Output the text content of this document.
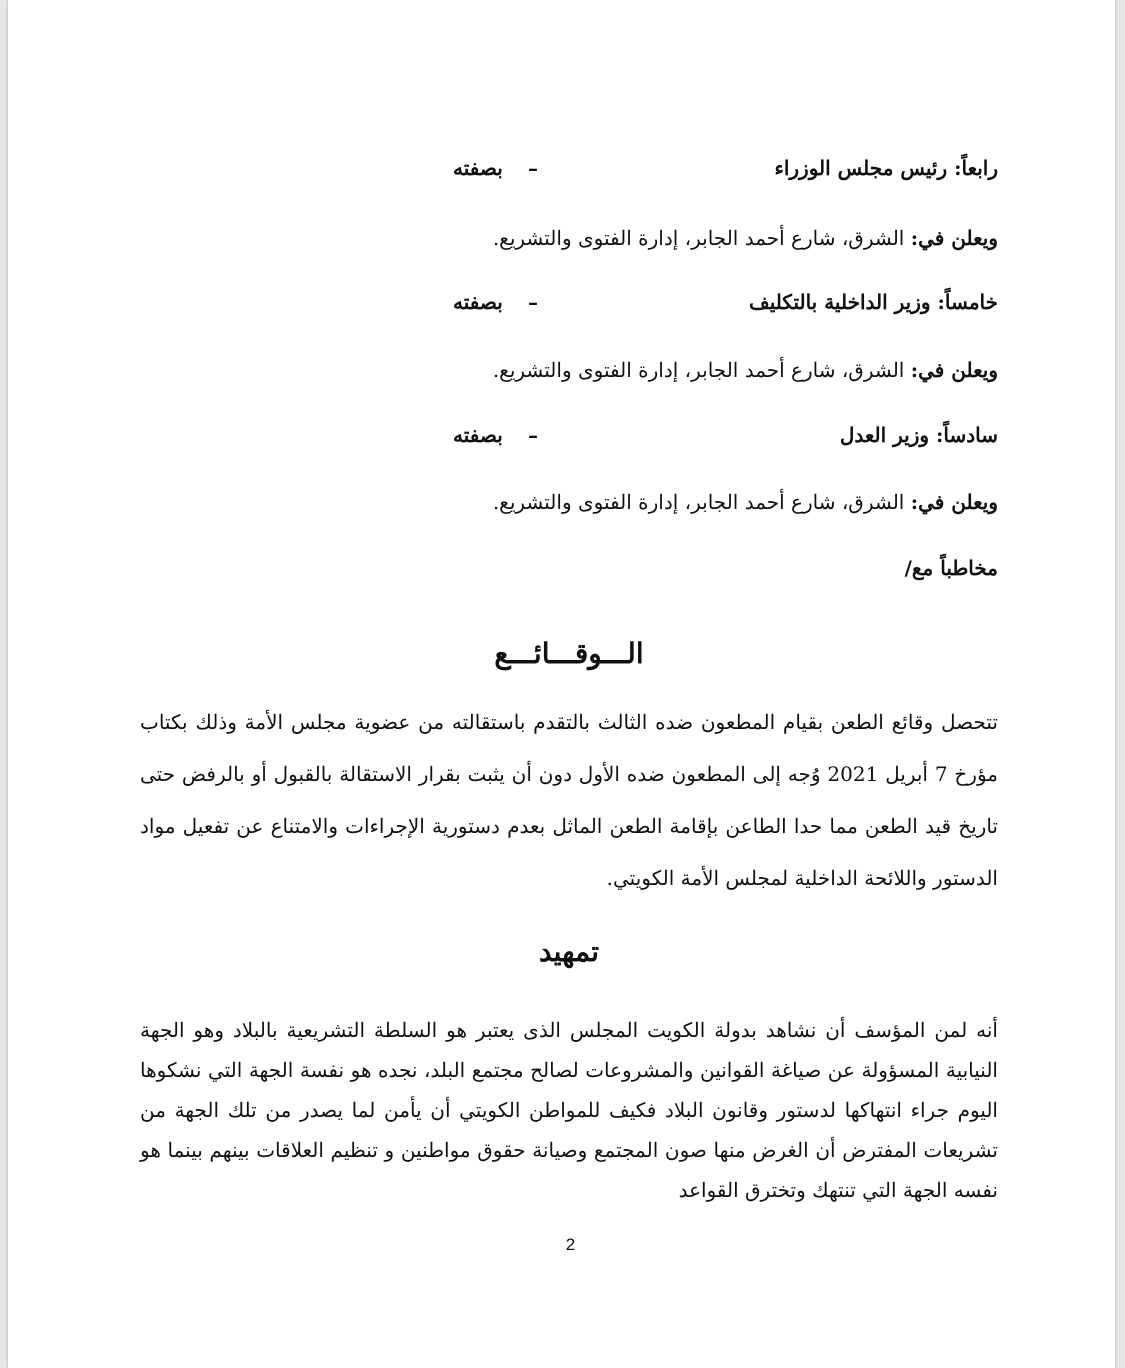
رابعاً: رئيس مجلس الوزراء
–
بصفته
ويعلن في: الشرق، شارع أحمد الجابر، إدارة الفتوى والتشريع.
خامساً: وزير الداخلية بالتكليف
–
بصفته
ويعلن في: الشرق، شارع أحمد الجابر، إدارة الفتوى والتشريع.
سادساً: وزير العدل
–
بصفته
ويعلن في: الشرق، شارع أحمد الجابر، إدارة الفتوى والتشريع.
مخاطباً مع/
الـــوقـــائـــع
تتحصل وقائع الطعن بقيام المطعون ضده الثالث بالتقدم باستقالته من عضوية مجلس الأمة وذلك بكتاب مؤرخ 7 أبريل 2021 وُجه إلى المطعون ضده الأول دون أن يثبت بقرار الاستقالة بالقبول أو بالرفض حتى تاريخ قيد الطعن مما حدا الطاعن بإقامة الطعن الماثل بعدم دستورية الإجراءات والامتناع عن تفعيل مواد الدستور واللائحة الداخلية لمجلس الأمة الكويتي.
تمهيد
أنه لمن المؤسف أن نشاهد بدولة الكويت المجلس الذى يعتبر هو السلطة التشريعية بالبلاد وهو الجهة النيابية المسؤولة عن صياغة القوانين والمشروعات لصالح مجتمع البلد، نجده هو نفسة الجهة التي نشكوها اليوم جراء انتهاكها لدستور وقانون البلاد فكيف للمواطن الكويتي أن يأمن لما يصدر من تلك الجهة من تشريعات المفترض أن الغرض منها صون المجتمع وصيانة حقوق مواطنين و تنظيم العلاقات بينهم بينما هو نفسه الجهة التي تنتهك وتخترق القواعد
2
